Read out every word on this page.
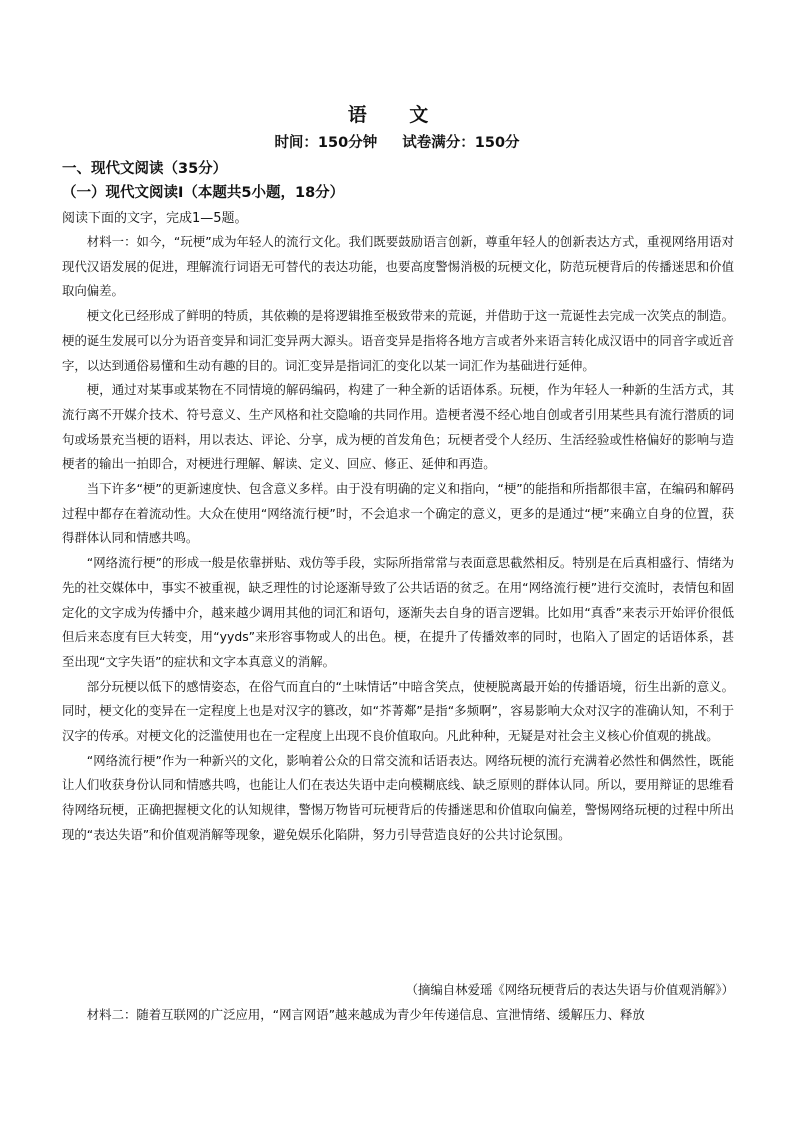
语 文
时间：150分钟 试卷满分：150分
一、现代文阅读（35分）
（一）现代文阅读Ⅰ（本题共5小题，18分）
阅读下面的文字，完成1—5题。

材料一：如今，“玩梗”成为年轻人的流行文化。我们既要鼓励语言创新，尊重年轻人的创新表达方式，重视网络用语对现代汉语发展的促进，理解流行词语无可替代的表达功能，也要高度警惕消极的玩梗文化，防范玩梗背后的传播迷思和价值取向偏差。

梗文化已经形成了鲜明的特质，其依赖的是将逻辑推至极致带来的荒诞，并借助于这一荒诞性去完成一次笑点的制造。梗的诞生发展可以分为语音变异和词汇变异两大源头。语音变异是指将各地方言或者外来语言转化成汉语中的同音字或近音字，以达到通俗易懂和生动有趣的目的。词汇变异是指词汇的变化以某一词汇作为基础进行延伸。

梗，通过对某事或某物在不同情境的解码编码，构建了一种全新的话语体系。玩梗，作为年轻人一种新的生活方式，其流行离不开媒介技术、符号意义、生产风格和社交隐喻的共同作用。造梗者漫不经心地自创或者引用某些具有流行潜质的词句或场景充当梗的语料，用以表达、评论、分享，成为梗的首发角色；玩梗者受个人经历、生活经验或性格偏好的影响与造梗者的输出一拍即合，对梗进行理解、解读、定义、回应、修正、延伸和再造。

当下许多“梗”的更新速度快、包含意义多样。由于没有明确的定义和指向，“梗”的能指和所指都很丰富，在编码和解码过程中都存在着流动性。大众在使用“网络流行梗”时，不会追求一个确定的意义，更多的是通过“梗”来确立自身的位置，获得群体认同和情感共鸣。

“网络流行梗”的形成一般是依靠拼贴、戏仿等手段，实际所指常常与表面意思截然相反。特别是在后真相盛行、情绪为先的社交媒体中，事实不被重视，缺乏理性的讨论逐渐导致了公共话语的贫乏。在用“网络流行梗”进行交流时，表情包和固定化的文字成为传播中介，越来越少调用其他的词汇和语句，逐渐失去自身的语言逻辑。比如用“真香”来表示开始评价很低但后来态度有巨大转变，用“yyds”来形容事物或人的出色。梗，在提升了传播效率的同时，也陷入了固定的话语体系，甚至出现“文字失语”的症状和文字本真意义的消解。

部分玩梗以低下的感情姿态，在俗气而直白的“土味情话”中暗含笑点，使梗脱离最开始的传播语境，衍生出新的意义。同时，梗文化的变异在一定程度上也是对汉字的篡改，如“芥菁鄰”是指“多频啊”，容易影响大众对汉字的准确认知，不利于汉字的传承。对梗文化的泛滥使用也在一定程度上出现不良价值取向。凡此种种，无疑是对社会主义核心价值观的挑战。

“网络流行梗”作为一种新兴的文化，影响着公众的日常交流和话语表达。网络玩梗的流行充满着必然性和偶然性，既能让人们收获身份认同和情感共鸣，也能让人们在表达失语中走向模糊底线、缺乏原则的群体认同。所以，要用辩证的思维看待网络玩梗，正确把握梗文化的认知规律，警惕万物皆可玩梗背后的传播迷思和价值取向偏差，警惕网络玩梗的过程中所出现的“表达失语”和价值观消解等现象，避免娱乐化陷阱，努力引导营造良好的公共讨论氛围。

（摘编自林爱瑶《网络玩梗背后的表达失语与价值观消解》）
材料二：随着互联网的广泛应用，“网言网语”越来越成为青少年传递信息、宣泄情绪、缓解压力、释放
